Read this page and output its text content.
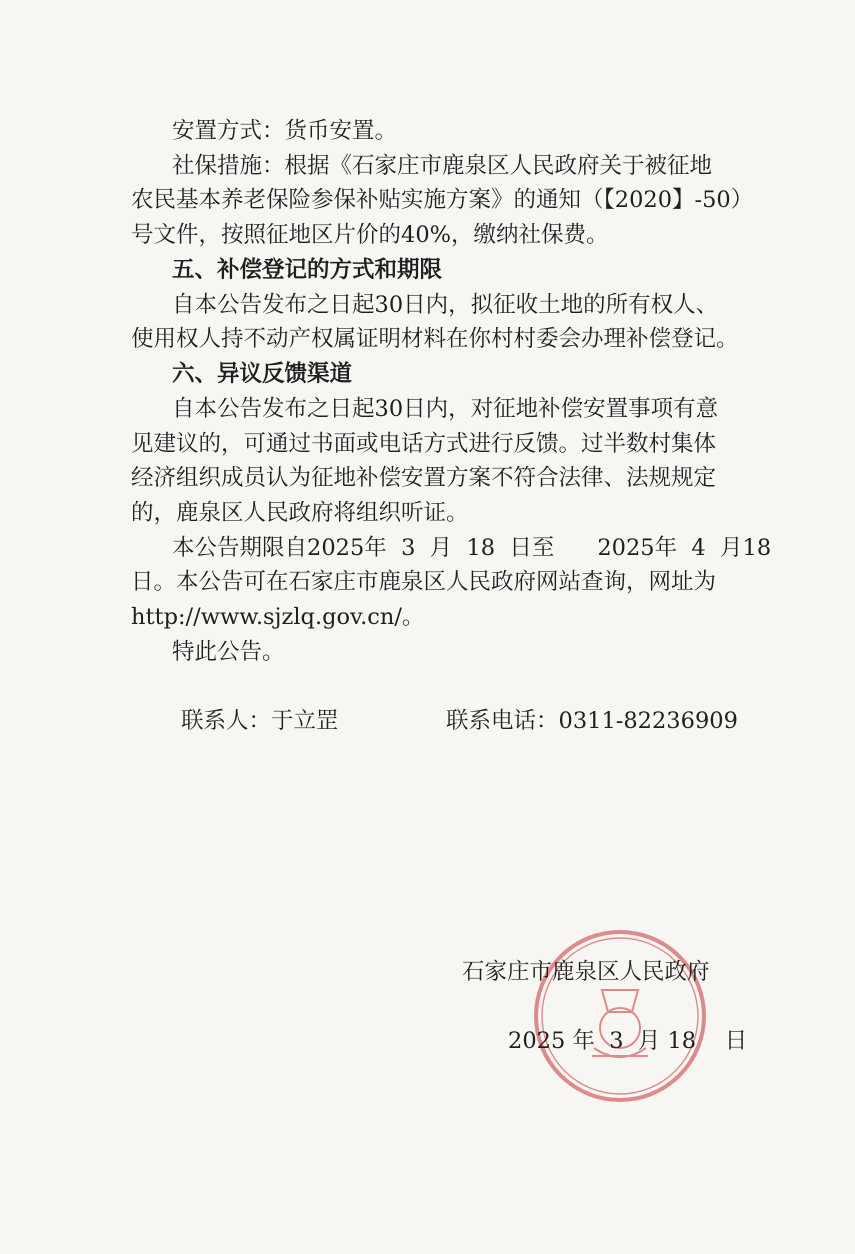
安置方式：货币安置。
社保措施：根据《石家庄市鹿泉区人民政府关于被征地
农民基本养老保险参保补贴实施方案》的通知（【2020】-50）
号文件，按照征地区片价的40%，缴纳社保费。
五、补偿登记的方式和期限
自本公告发布之日起30日内，拟征收土地的所有权人、
使用权人持不动产权属证明材料在你村村委会办理补偿登记。
六、异议反馈渠道
自本公告发布之日起30日内，对征地补偿安置事项有意
见建议的，可通过书面或电话方式进行反馈。过半数村集体
经济组织成员认为征地补偿安置方案不符合法律、法规规定
的，鹿泉区人民政府将组织听证。
本公告期限自2025年  3  月  18  日至      2025年  4  月18
日。本公告可在石家庄市鹿泉区人民政府网站查询，网址为
http://www.sjzlq.gov.cn/。
特此公告。
联系人：于立罡	联系电话：0311-82236909
石家庄市鹿泉区人民政府
2025 年  3  月 18    日
